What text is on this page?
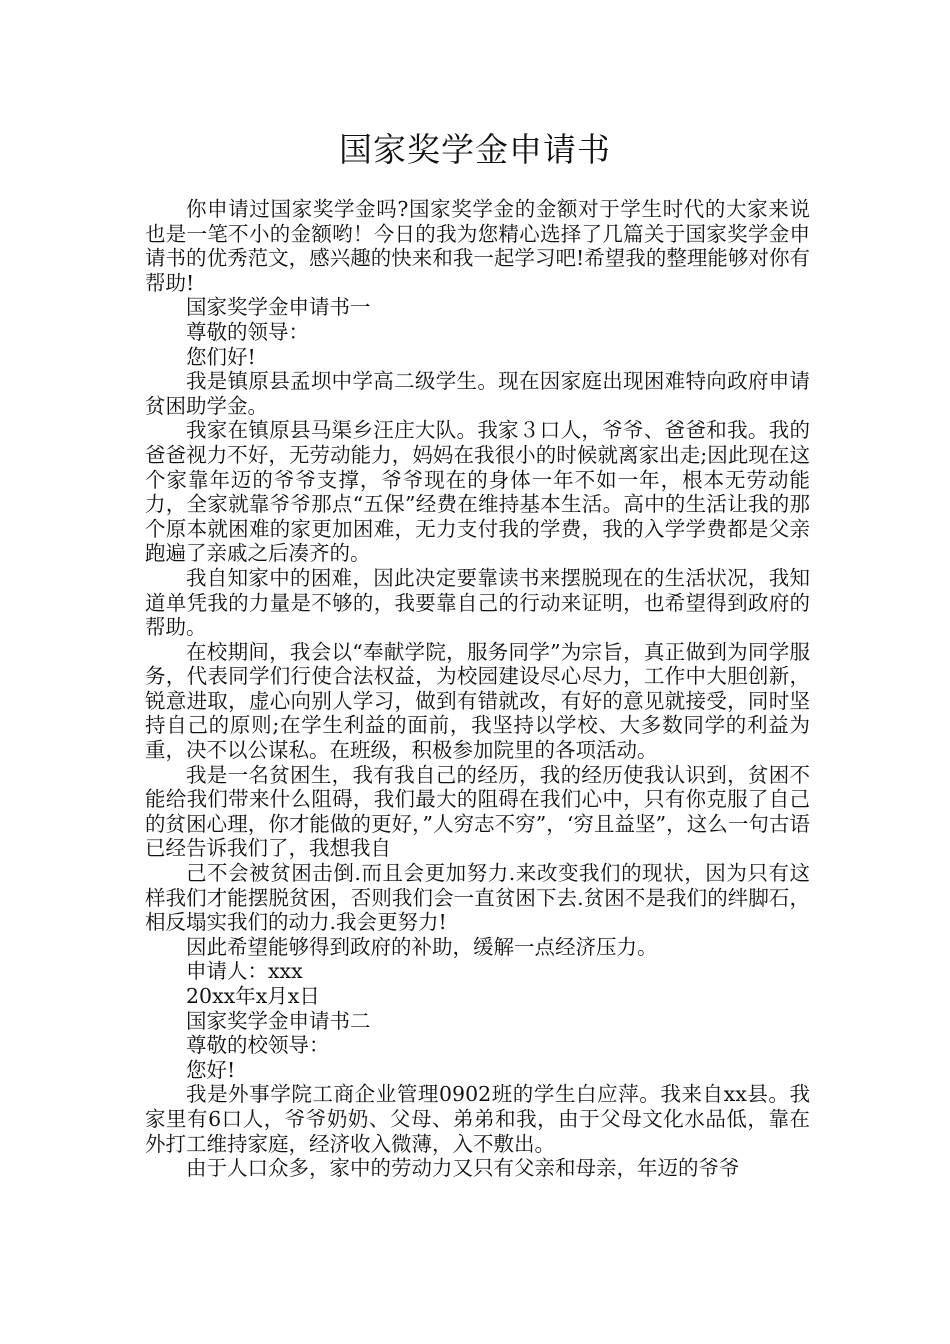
国家奖学金申请书

你申请过国家奖学金吗?国家奖学金的金额对于学生时代的大家来说也是一笔不小的金额哟！今日的我为您精心选择了几篇关于国家奖学金申请书的优秀范文，感兴趣的快来和我一起学习吧!希望我的整理能够对你有帮助!

国家奖学金申请书一

尊敬的领导：

您们好!

我是镇原县孟坝中学高二级学生。现在因家庭出现困难特向政府申请贫困助学金。

我家在镇原县马渠乡汪庄大队。我家３口人，爷爷、爸爸和我。我的爸爸视力不好，无劳动能力，妈妈在我很小的时候就离家出走;因此现在这个家靠年迈的爷爷支撑，爷爷现在的身体一年不如一年，根本无劳动能力，全家就靠爷爷那点“五保”经费在维持基本生活。高中的生活让我的那个原本就困难的家更加困难，无力支付我的学费，我的入学学费都是父亲跑遍了亲戚之后凑齐的。

我自知家中的困难，因此决定要靠读书来摆脱现在的生活状况，我知道单凭我的力量是不够的，我要靠自己的行动来证明，也希望得到政府的帮助。

在校期间，我会以“奉献学院，服务同学”为宗旨，真正做到为同学服务，代表同学们行使合法权益，为校园建设尽心尽力，工作中大胆创新，锐意进取，虚心向别人学习，做到有错就改，有好的意见就接受，同时坚持自己的原则;在学生利益的面前，我坚持以学校、大多数同学的利益为重，决不以公谋私。在班级，积极参加院里的各项活动。

我是一名贫困生，我有我自己的经历，我的经历使我认识到，贫困不能给我们带来什么阻碍，我们最大的阻碍在我们心中，只有你克服了自己的贫困心理，你才能做的更好，”人穷志不穷”，‘穷且益坚”，这么一句古语已经告诉我们了，我想我自

己不会被贫困击倒.而且会更加努力.来改变我们的现状，因为只有这样我们才能摆脱贫困，否则我们会一直贫困下去.贫困不是我们的绊脚石，相反塌实我们的动力.我会更努力!

因此希望能够得到政府的补助，缓解一点经济压力。

申请人：xxx

20xx年x月x日

国家奖学金申请书二

尊敬的校领导：

您好!

我是外事学院工商企业管理0902班的学生白应萍。我来自xx县。我家里有6口人，爷爷奶奶、父母、弟弟和我，由于父母文化水品低，靠在外打工维持家庭，经济收入微薄，入不敷出。

由于人口众多，家中的劳动力又只有父亲和母亲，年迈的爷爷
